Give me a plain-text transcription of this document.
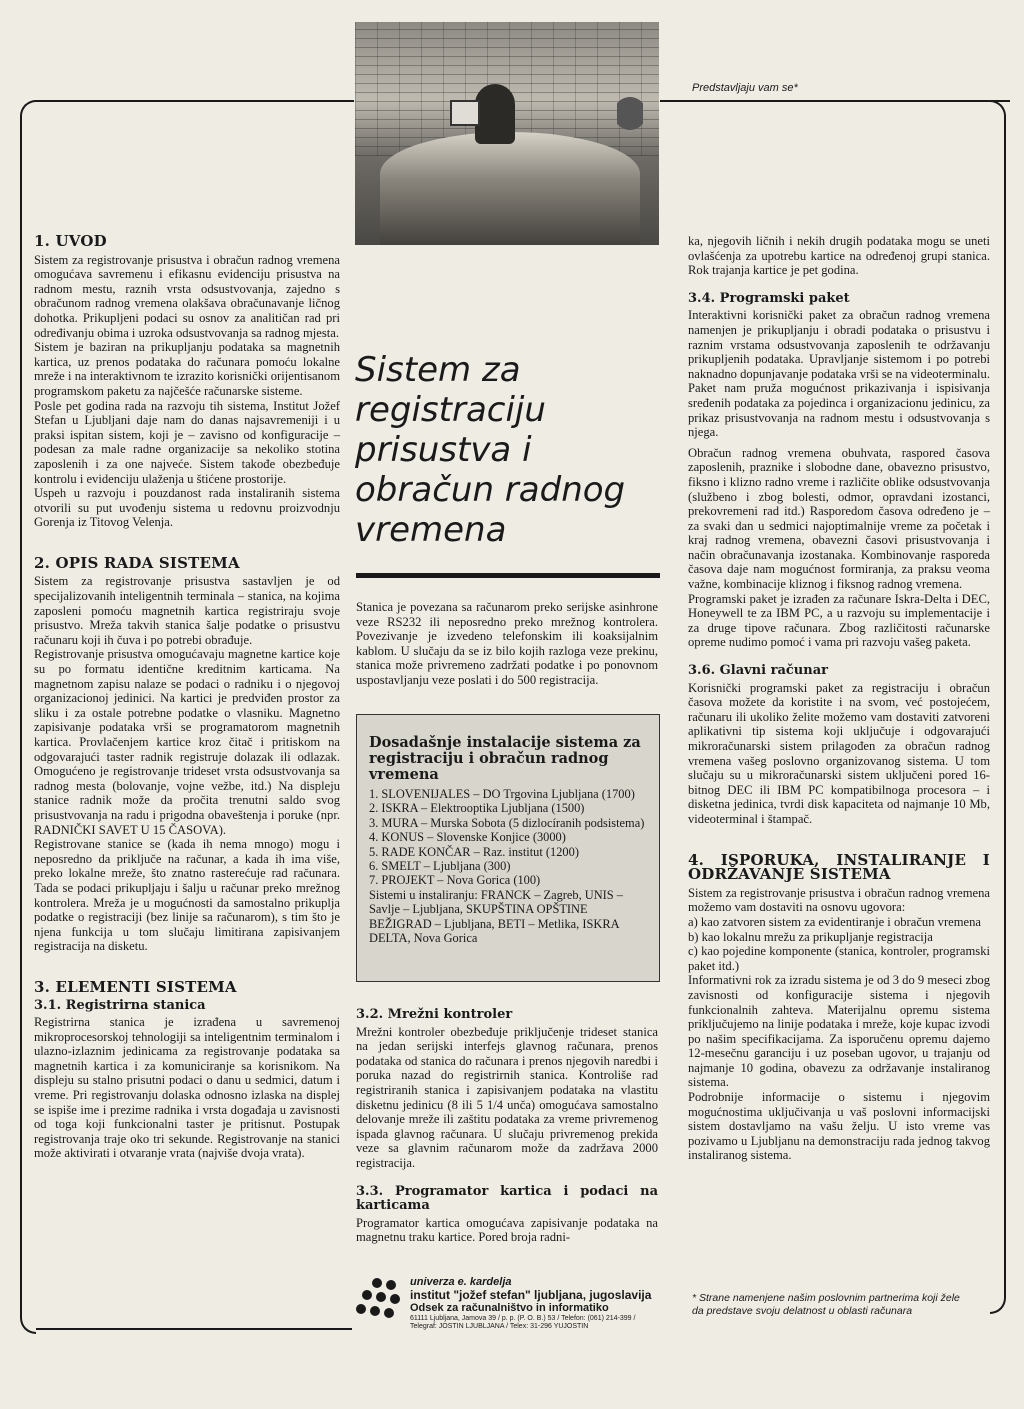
Predstavljaju vam se*
Sistem za
registraciju
prisustva i
obračun radnog
vremena
1. UVOD

Sistem za registrovanje prisustva i obračun radnog vremena omogućava savremenu i efikasnu evidenciju prisustva na radnom mestu, raznih vrsta odsustvovanja, zajedno s obračunom radnog vremena olakšava obračunavanje ličnog dohotka. Prikupljeni podaci su osnov za analitičan rad pri određivanju obima i uzroka odsustvovanja sa radnog mjesta.

Sistem je baziran na prikupljanju podataka sa magnetnih kartica, uz prenos podataka do računara pomoću lokalne mreže i na interaktivnom te izrazito korisnički orijentisanom programskom paketu za najčešće računarske sisteme.

Posle pet godina rada na razvoju tih sistema, Institut Jožef Stefan u Ljubljani daje nam do danas najsavremeniji i u praksi ispitan sistem, koji je – zavisno od konfiguracije – podesan za male radne organizacije sa nekoliko stotina zaposlenih i za one najveće. Sistem takođe obezbeđuje kontrolu i evidenciju ulaženja u štićene prostorije.

Uspeh u razvoju i pouzdanost rada instaliranih sistema otvorili su put uvođenju sistema u redovnu proizvodnju Gorenja iz Titovog Velenja.

2. OPIS RADA SISTEMA

Sistem za registrovanje prisustva sastavljen je od specijalizovanih inteligentnih terminala – stanica, na kojima zaposleni pomoću magnetnih kartica registriraju svoje prisustvo. Mreža takvih stanica šalje podatke o prisustvu računaru koji ih čuva i po potrebi obrađuje.

Registrovanje prisustva omogućavaju magnetne kartice koje su po formatu identične kreditnim karticama. Na magnetnom zapisu nalaze se podaci o radniku i o njegovoj organizacionoj jedinici. Na kartici je predviđen prostor za sliku i za ostale potrebne podatke o vlasniku. Magnetno zapisivanje podataka vrši se programatorom magnetnih kartica. Provlačenjem kartice kroz čitač i pritiskom na odgovarajući taster radnik registruje dolazak ili odlazak. Omogućeno je registrovanje trideset vrsta odsustvovanja sa radnog mesta (bolovanje, vojne vežbe, itd.) Na displeju stanice radnik može da pročita trenutni saldo svog prisustvovanja na radu i prigodna obaveštenja i poruke (npr. RADNIČKI SAVET U 15 ČASOVA).

Registrovane stanice se (kada ih nema mnogo) mogu i neposredno da priključe na računar, a kada ih ima više, preko lokalne mreže, što znatno rasterećuje rad računara. Tada se podaci prikupljaju i šalju u računar preko mrežnog kontrolera. Mreža je u mogućnosti da samostalno prikuplja podatke o registraciji (bez linije sa računarom), s tim što je njena funkcija u tom slučaju limitirana zapisivanjem registracija na disketu.

3. ELEMENTI SISTEMA
3.1. Registrirna stanica

Registrirna stanica je izrađena u savremenoj mikroprocesorskoj tehnologiji sa inteligentnim terminalom i ulazno-izlaznim jedinicama za registrovanje podataka sa magnetnih kartica i za komuniciranje sa korisnikom. Na displeju su stalno prisutni podaci o danu u sedmici, datum i vreme. Pri registrovanju dolaska odnosno izlaska na displej se ispiše ime i prezime radnika i vrsta događaja u zavisnosti od toga koji funkcionalni taster je pritisnut. Postupak registrovanja traje oko tri sekunde. Registrovanje na stanici može aktivirati i otvaranje vrata (najviše dvoja vrata).

Stanica je povezana sa računarom preko serijske asinhrone veze RS232 ili neposredno preko mrežnog kontrolera. Povezivanje je izvedeno telefonskim ili koaksijalnim kablom. U slučaju da se iz bilo kojih razloga veze prekinu, stanica može privremeno zadržati podatke i po ponovnom uspostavljanju veze poslati i do 500 registracija.

Dosadašnje instalacije sistema za registraciju i obračun radnog vremena
1. SLOVENIJALES – DO Trgovina Ljubljana (1700)
2. ISKRA – Elektrooptika Ljubljana (1500)
3. MURA – Murska Sobota (5 dizlocíranih podsistema)
4. KONUS – Slovenske Konjice (3000)
5. RADE KONČAR – Raz. institut (1200)
6. SMELT – Ljubljana (300)
7. PROJEKT – Nova Gorica (100)
Sistemi u instaliranju: FRANCK – Zagreb, UNIS – Savlje – Ljubljana, SKUPŠTINA OPŠTINE BEŽIGRAD – Ljubljana, BETI – Metlika, ISKRA DELTA, Nova Gorica
3.2. Mrežni kontroler

Mrežni kontroler obezbeđuje priključenje trideset stanica na jedan serijski interfejs glavnog računara, prenos podataka od stanica do računara i prenos njegovih naredbi i poruka nazad do registrirnih stanica. Kontroliše rad registriranih stanica i zapisivanjem podataka na vlastitu disketnu jedinicu (8 ili 5 1/4 unča) omogućava samostalno delovanje mreže ili zaštitu podataka za vreme privremenog ispada glavnog računara. U slučaju privremenog prekida veze sa glavnim računarom može da zadržava 2000 registracija.

3.3. Programator kartica i podaci na karticama

Programator kartica omogućava zapisivanje podataka na magnetnu traku kartice. Pored broja radni-

ka, njegovih ličnih i nekih drugih podataka mogu se uneti ovlašćenja za upotrebu kartice na određenoj grupi stanica. Rok trajanja kartice je pet godina.

3.4. Programski paket

Interaktivni korisnički paket za obračun radnog vremena namenjen je prikupljanju i obradi podataka o prisustvu i raznim vrstama odsustvovanja zaposlenih te održavanju prikupljenih podataka. Upravljanje sistemom i po potrebi naknadno dopunjavanje podataka vrši se na videoterminalu. Paket nam pruža mogućnost prikazivanja i ispisivanja sređenih podataka za pojedinca i organizacionu jedinicu, za prikaz prisustvovanja na radnom mestu i odsustvovanja s njega.

Obračun radnog vremena obuhvata, raspored časova zaposlenih, praznike i slobodne dane, obavezno prisustvo, fiksno i klizno radno vreme i različite oblike odsustvovanja (službeno i zbog bolesti, odmor, opravdani izostanci, prekovremeni rad itd.) Rasporedom časova određeno je – za svaki dan u sedmici najoptimalnije vreme za početak i kraj radnog vremena, obavezni časovi prisustvovanja i način obračunavanja izostanaka. Kombinovanje rasporeda časova daje nam mogućnost formiranja, za praksu veoma važne, kombinacije kliznog i fiksnog radnog vremena.

Programski paket je izrađen za računare Iskra-Delta i DEC, Honeywell te za IBM PC, a u razvoju su implementacije i za druge tipove računara. Zbog različitosti računarske opreme nudimo pomoć i vama pri razvoju vašeg paketa.

3.6. Glavni računar

Korisnički programski paket za registraciju i obračun časova možete da koristite i na svom, već postojećem, računaru ili ukoliko želite možemo vam dostaviti zatvoreni aplikativni tip sistema koji uključuje i odgovarajući mikroračunarski sistem prilagođen za obračun radnog vremena vašeg poslovno organizovanog sistema. U tom slučaju su u mikroračunarski sistem uključeni pored 16-bitnog DEC ili IBM PC kompatibilnoga procesora – i disketna jedinica, tvrdi disk kapaciteta od najmanje 10 Mb, videoterminal i štampač.

4. ISPORUKA, INSTALIRANJE I ODRŽAVANJE SISTEMA

Sistem za registrovanje prisustva i obračun radnog vremena možemo vam dostaviti na osnovu ugovora:

a) kao zatvoren sistem za evidentiranje i obračun vremena

b) kao lokalnu mrežu za prikupljanje registracija

c) kao pojedine komponente (stanica, kontroler, programski paket itd.)

Informativni rok za izradu sistema je od 3 do 9 meseci zbog zavisnosti od konfiguracije sistema i njegovih funkcionalnih zahteva. Materijalnu opremu sistema priključujemo na linije podataka i mreže, koje kupac izvodi po našim specifikacijama. Za isporučenu opremu dajemo 12-mesečnu garanciju i uz poseban ugovor, u trajanju od najmanje 10 godina, obavezu za održavanje instaliranog sistema.

Podrobnije informacije o sistemu i njegovim mogućnostima uključivanja u vaš poslovni informacijski sistem dostavljamo na vašu želju. U isto vreme vas pozivamo u Ljubljanu na demonstraciju rada jednog takvog instaliranog sistema.

univerza e. kardelja
institut "jožef stefan" ljubljana, jugoslavija
Odsek za računalništvo in informatiko
61111 Ljubljana, Jamova 39 / p. p. (P. O. B.) 53 / Telefon: (061) 214-399 /
Telegraf: JOSTIN LJUBLJANA / Telex: 31-296 YUJOSTIN
* Strane namenjene našim poslovnim partnerima koji žele da predstave svoju delatnost u oblasti računara
